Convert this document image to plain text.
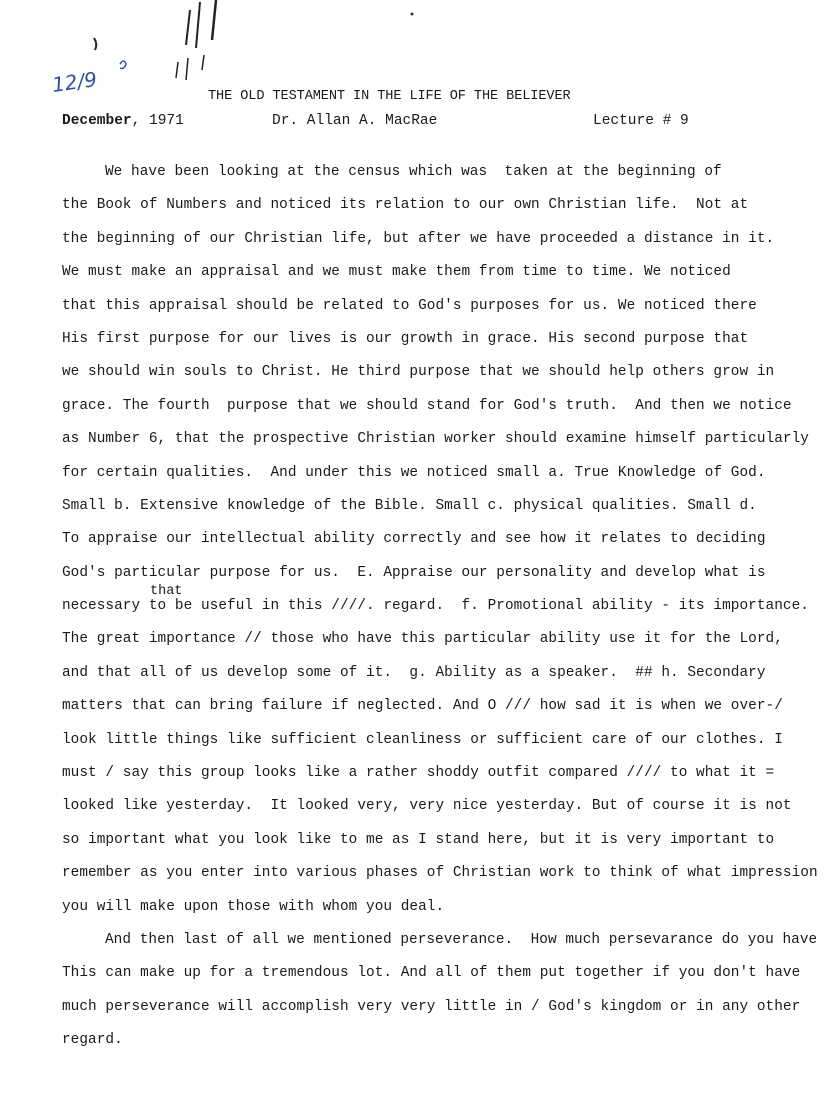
12/9	THE OLD TESTAMENT IN THE LIFE OF THE BELIEVER
December, 1971	Dr. Allan A. MacRae	Lecture # 9
that
We have been looking at the census which was  taken at the beginning of
the Book of Numbers and noticed its relation to our own Christian life.  Not at
the beginning of our Christian life, but after we have proceeded a distance in it.
We must make an appraisal and we must make them from time to time. We noticed
that this appraisal should be related to God's purposes for us. We noticed there
His first purpose for our lives is our growth in grace. His second purpose that
we should win souls to Christ. He third purpose that we should help others grow in
grace. The fourth  purpose that we should stand for God's truth.  And then we notice
as Number 6, that the prospective Christian worker should examine himself particularly
for certain qualities.  And under this we noticed small a. True Knowledge of God.
Small b. Extensive knowledge of the Bible. Small c. physical qualities. Small d.
To appraise our intellectual ability correctly and see how it relates to deciding
God's particular purpose for us.  E. Appraise our personality and develop what is
necessary to be useful in this ////. regard.  f. Promotional ability - its importance.
The great importance // those who have this particular ability use it for the Lord,
and that all of us develop some of it.  g. Ability as a speaker.  ## h. Secondary
matters that can bring failure if neglected. And O /// how sad it is when we over-/
look little things like sufficient cleanliness or sufficient care of our clothes. I
must / say this group looks like a rather shoddy outfit compared //// to what it =
looked like yesterday.  It looked very, very nice yesterday. But of course it is not
so important what you look like to me as I stand here, but it is very important to
remember as you enter into various phases of Christian work to think of what impression
you will make upon those with whom you deal.
And then last of all we mentioned perseverance.  How much persevarance do you have
This can make up for a tremendous lot. And all of them put together if you don't have
much perseverance will accomplish very very little in / God's kingdom or in any other
regard.
